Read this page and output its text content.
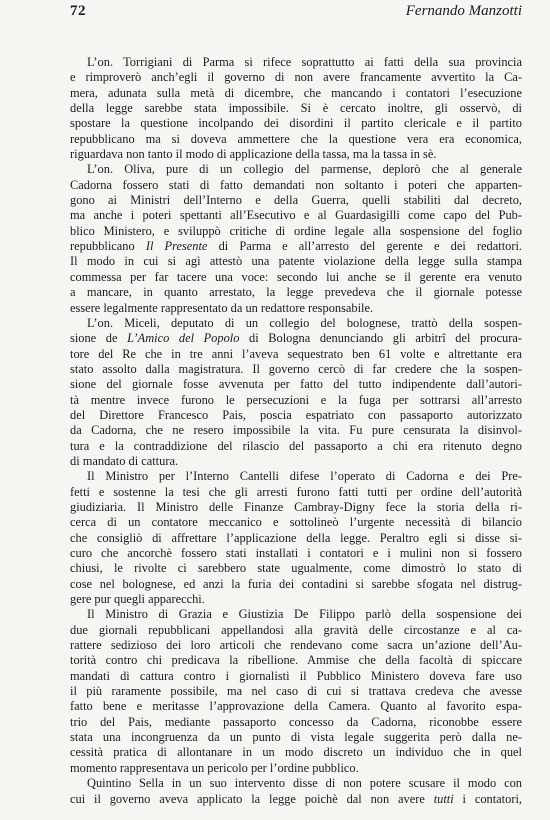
72	Fernando Manzotti
L’on. Torrigiani di Parma si rifece soprattutto ai fatti della sua provincia
e rimproverò anch’egli il governo di non avere francamente avvertito la Ca-
mera, adunata sulla metà di dicembre, che mancando i contatori l’esecuzione
della legge sarebbe stata impossibile. Si è cercato inoltre, gli osservò, di
spostare la questione incolpando dei disordini il partito clericale e il partito
repubblicano ma si doveva ammettere che la questione vera era economica,
riguardava non tanto il modo di applicazione della tassa, ma la tassa in sè.
L’on. Oliva, pure di un collegio del parmense, deplorò che al generale
Cadorna fossero stati di fatto demandati non soltanto i poteri che apparten-
gono ai Ministri dell’Interno e della Guerra, quelli stabiliti dal decreto,
ma anche i poteri spettanti all’Esecutivo e al Guardasigilli come capo del Pub-
blico Ministero, e sviluppò critiche di ordine legale alla sospensione del foglio
repubblicano Il Presente di Parma e all’arresto del gerente e dei redattori.
Il modo in cui si agì attestò una patente violazione della legge sulla stampa
commessa per far tacere una voce: secondo lui anche se il gerente era venuto
a mancare, in quanto arrestato, la legge prevedeva che il giornale potesse
essere legalmente rappresentato da un redattore responsabile.
L’on. Miceli, deputato di un collegio del bolognese, trattò della sospen-
sione de L’Amico del Popolo di Bologna denunciando gli arbitrî del procura-
tore del Re che in tre anni l’aveva sequestrato ben 61 volte e altrettante era
stato assolto dalla magistratura. Il governo cercò di far credere che la sospen-
sione del giornale fosse avvenuta per fatto del tutto indipendente dall’autori-
tà mentre invece furono le persecuzioni e la fuga per sottrarsi all’arresto
del Direttore Francesco Pais, poscia espatriato con passaporto autorizzato
da Cadorna, che ne resero impossibile la vita. Fu pure censurata la disinvol-
tura e la contraddizione del rilascio del passaporto a chi era ritenuto degno
di mandato di cattura.
Il Ministro per l’Interno Cantelli difese l’operato di Cadorna e dei Pre-
fetti e sostenne la tesi che gli arresti furono fatti tutti per ordine dell’autorità
giudiziaria. Il Ministro delle Finanze Cambray-Digny fece la storia della ri-
cerca di un contatore meccanico e sottolineò l’urgente necessità di bilancio
che consigliò di affrettare l’applicazione della legge. Peraltro egli si disse si-
curo che ancorchè fossero stati installati i contatori e i mulini non si fossero
chiusi, le rivolte ci sarebbero state ugualmente, come dimostrò lo stato di
cose nel bolognese, ed anzi la furia dei contadini si sarebbe sfogata nel distrug-
gere pur quegli apparecchi.
Il Ministro di Grazia e Giustizia De Filippo parlò della sospensione dei
due giornali repubblicani appellandosi alla gravità delle circostanze e al ca-
rattere sedizioso dei loro articoli che rendevano come sacra un’azione dell’Au-
torità contro chi predicava la ribellione. Ammise che della facoltà di spiccare
mandati di cattura contro i giornalisti il Pubblico Ministero doveva fare uso
il più raramente possibile, ma nel caso di cui si trattava credeva che avesse
fatto bene e meritasse l’approvazione della Camera. Quanto al favorito espa-
trio del Pais, mediante passaporto concesso da Cadorna, riconobbe essere
stata una incongruenza da un punto di vista legale suggerita però dalla ne-
cessità pratica di allontanare in un modo discreto un individuo che in quel
momento rappresentava un pericolo per l’ordine pubblico.
Quintino Sella in un suo intervento disse di non potere scusare il modo con
cui il governo aveva applicato la legge poichè dal non avere tutti i contatori,
